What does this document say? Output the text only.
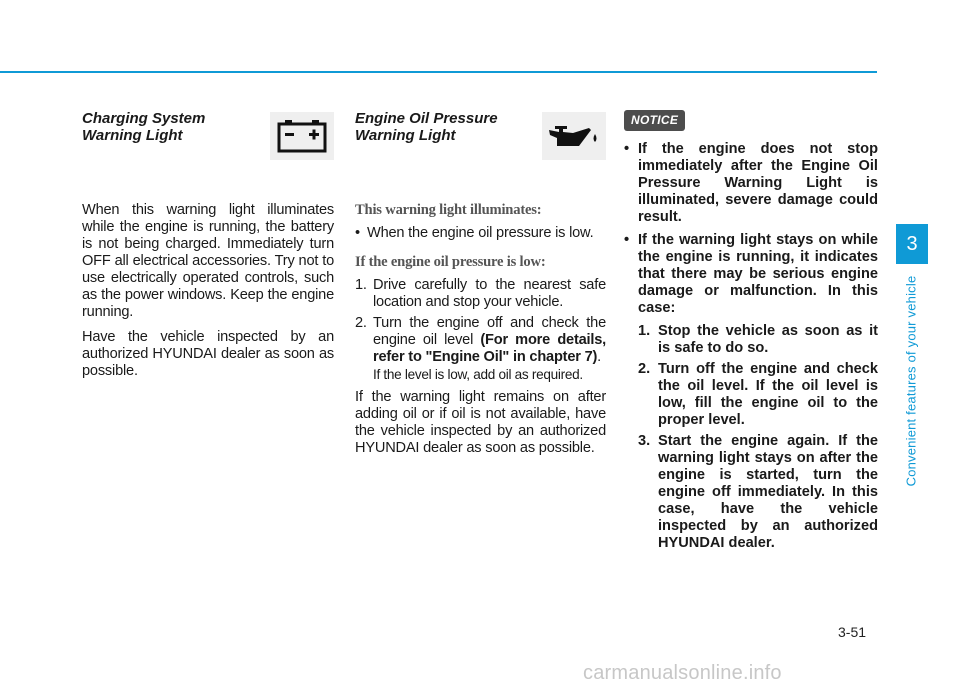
Charging System
Warning Light

When this warning light illuminates while the engine is running, the battery is not being charged. Immediately turn OFF all electrical accessories. Try not to use electrically operated controls, such as the power windows. Keep the engine running.

Have the vehicle inspected by an authorized HYUNDAI dealer as soon as possible.

Engine Oil Pressure
Warning Light
This warning light illuminates:
• When the engine oil pressure is low.
If the engine oil pressure is low:
1. Drive carefully to the nearest safe location and stop your vehicle.
2. Turn the engine off and check the engine oil level (For more details, refer to "Engine Oil" in chapter 7).
If the level is low, add oil as required.

If the warning light remains on after adding oil or if oil is not available, have the vehicle inspected by an authorized HYUNDAI dealer as soon as possible.

NOTICE
• If the engine does not stop immediately after the Engine Oil Pressure Warning Light is illuminated, severe damage could result.
• If the warning light stays on while the engine is running, it indicates that there may be serious engine damage or malfunction. In this case:
1. Stop the vehicle as soon as it is safe to do so.
2. Turn off the engine and check the oil level. If the oil level is low, fill the engine oil to the proper level.
3. Start the engine again. If the warning light stays on after the engine is started, turn the engine off immediately. In this case, have the vehicle inspected by an authorized HYUNDAI dealer.
3
Convenient features of your vehicle
3-51
carmanualsonline.info
